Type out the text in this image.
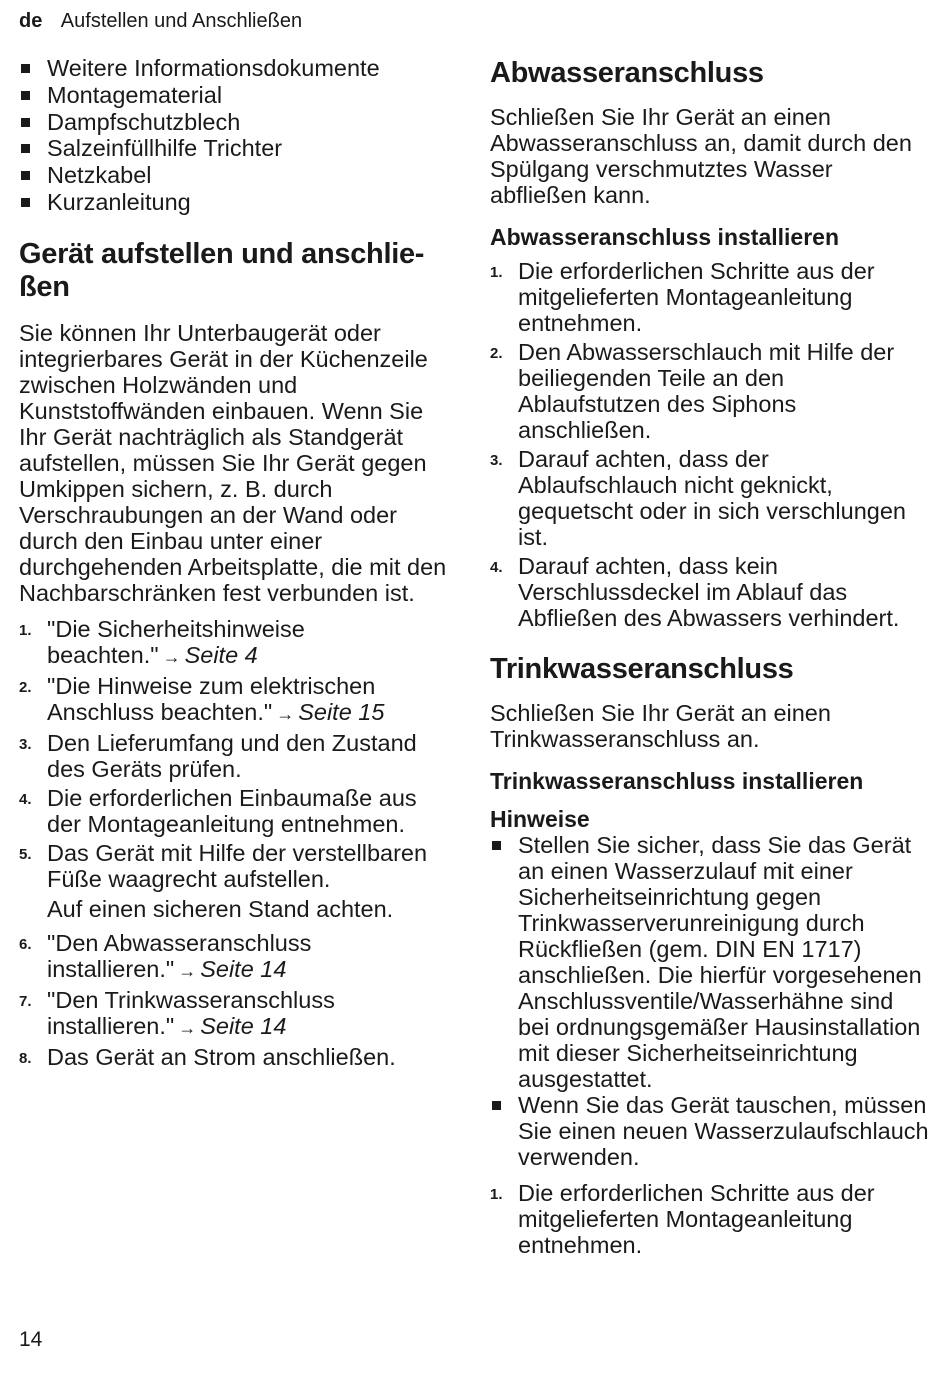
de Aufstellen und Anschließen
Weitere Informationsdokumente
Montagematerial
Dampfschutzblech
Salzeinfüllhilfe Trichter
Netzkabel
Kurzanleitung
Gerät aufstellen und anschlie-ßen

Sie können Ihr Unterbaugerät oder integrierbares Gerät in der Küchenzeile zwischen Holzwänden und Kunststoffwänden einbauen. Wenn Sie Ihr Gerät nachträglich als Standgerät aufstellen, müssen Sie Ihr Gerät gegen Umkippen sichern, z. B. durch Verschraubungen an der Wand oder durch den Einbau unter einer durchgehenden Arbeitsplatte, die mit den Nachbarschränken fest verbunden ist.

1. "Die Sicherheitshinweise beachten." → Seite 4
2. "Die Hinweise zum elektrischen Anschluss beachten." → Seite 15
3. Den Lieferumfang und den Zustand des Geräts prüfen.
4. Die erforderlichen Einbaumaße aus der Montageanleitung entnehmen.
5. Das Gerät mit Hilfe der verstellbaren Füße waagrecht aufstellen.

Auf einen sicheren Stand achten.

6. "Den Abwasseranschluss installieren." → Seite 14
7. "Den Trinkwasseranschluss installieren." → Seite 14
8. Das Gerät an Strom anschließen.
Abwasseranschluss

Schließen Sie Ihr Gerät an einen Abwasseranschluss an, damit durch den Spülgang verschmutztes Wasser abfließen kann.

Abwasseranschluss installieren
1. Die erforderlichen Schritte aus der mitgelieferten Montageanleitung entnehmen.
2. Den Abwasserschlauch mit Hilfe der beiliegenden Teile an den Ablaufstutzen des Siphons anschließen.
3. Darauf achten, dass der Ablaufschlauch nicht geknickt, gequetscht oder in sich verschlungen ist.
4. Darauf achten, dass kein Verschlussdeckel im Ablauf das Abfließen des Abwassers verhindert.
Trinkwasseranschluss

Schließen Sie Ihr Gerät an einen Trinkwasseranschluss an.

Trinkwasseranschluss installieren
Hinweise
Stellen Sie sicher, dass Sie das Gerät an einen Wasserzulauf mit einer Sicherheitseinrichtung gegen Trinkwasserverunreinigung durch Rückfließen (gem. DIN EN 1717) anschließen. Die hierfür vorgesehenen Anschlussventile/Wasserhähne sind bei ordnungsgemäßer Hausinstallation mit dieser Sicherheitseinrichtung ausgestattet.
Wenn Sie das Gerät tauschen, müssen Sie einen neuen Wasserzulaufschlauch verwenden.
1. Die erforderlichen Schritte aus der mitgelieferten Montageanleitung entnehmen.
14
